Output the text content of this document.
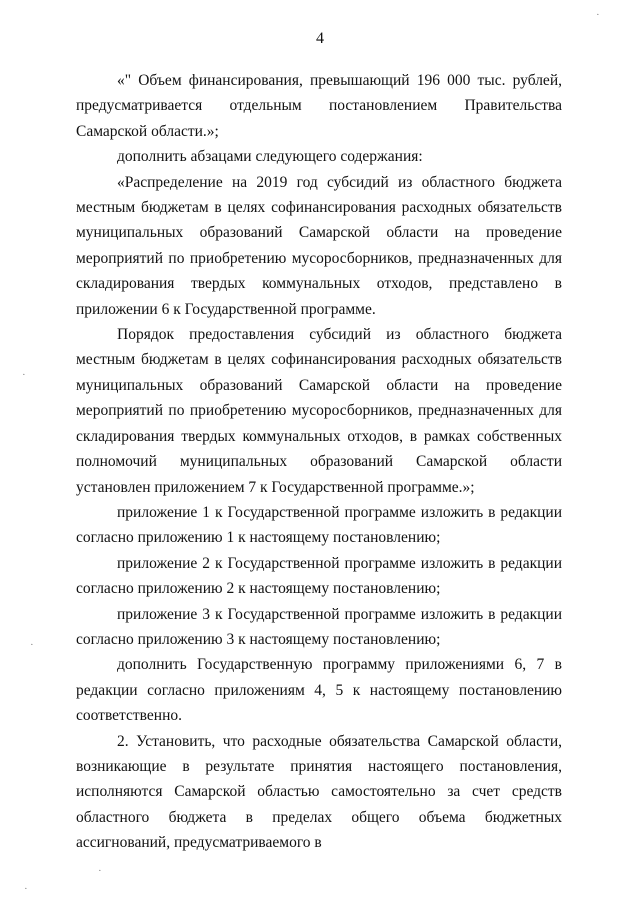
4

«" Объем финансирования, превышающий 196 000 тыс. рублей, предусматривается отдельным постановлением Правительства Самарской области.»;

дополнить абзацами следующего содержания:

«Распределение на 2019 год субсидий из областного бюджета местным бюджетам в целях софинансирования расходных обязательств муниципальных образований Самарской области на проведение мероприятий по приобретению мусоросборников, предназначенных для складирования твердых коммунальных отходов, представлено в приложении 6 к Государственной программе.

Порядок предоставления субсидий из областного бюджета местным бюджетам в целях софинансирования расходных обязательств муниципальных образований Самарской области на проведение мероприятий по приобретению мусоросборников, предназначенных для складирования твердых коммунальных отходов, в рамках собственных полномочий муниципальных образований Самарской области установлен приложением 7 к Государственной программе.»;

приложение 1 к Государственной программе изложить в редакции согласно приложению 1 к настоящему постановлению;

приложение 2 к Государственной программе изложить в редакции согласно приложению 2 к настоящему постановлению;

приложение 3 к Государственной программе изложить в редакции согласно приложению 3 к настоящему постановлению;

дополнить Государственную программу приложениями 6, 7 в редакции согласно приложениям 4, 5 к настоящему постановлению соответственно.

2. Установить, что расходные обязательства Самарской области, возникающие в результате принятия настоящего постановления, исполняются Самарской областью самостоятельно за счет средств областного бюджета в пределах общего объема бюджетных ассигнований, предусматриваемого в

·
·
·
·
·
